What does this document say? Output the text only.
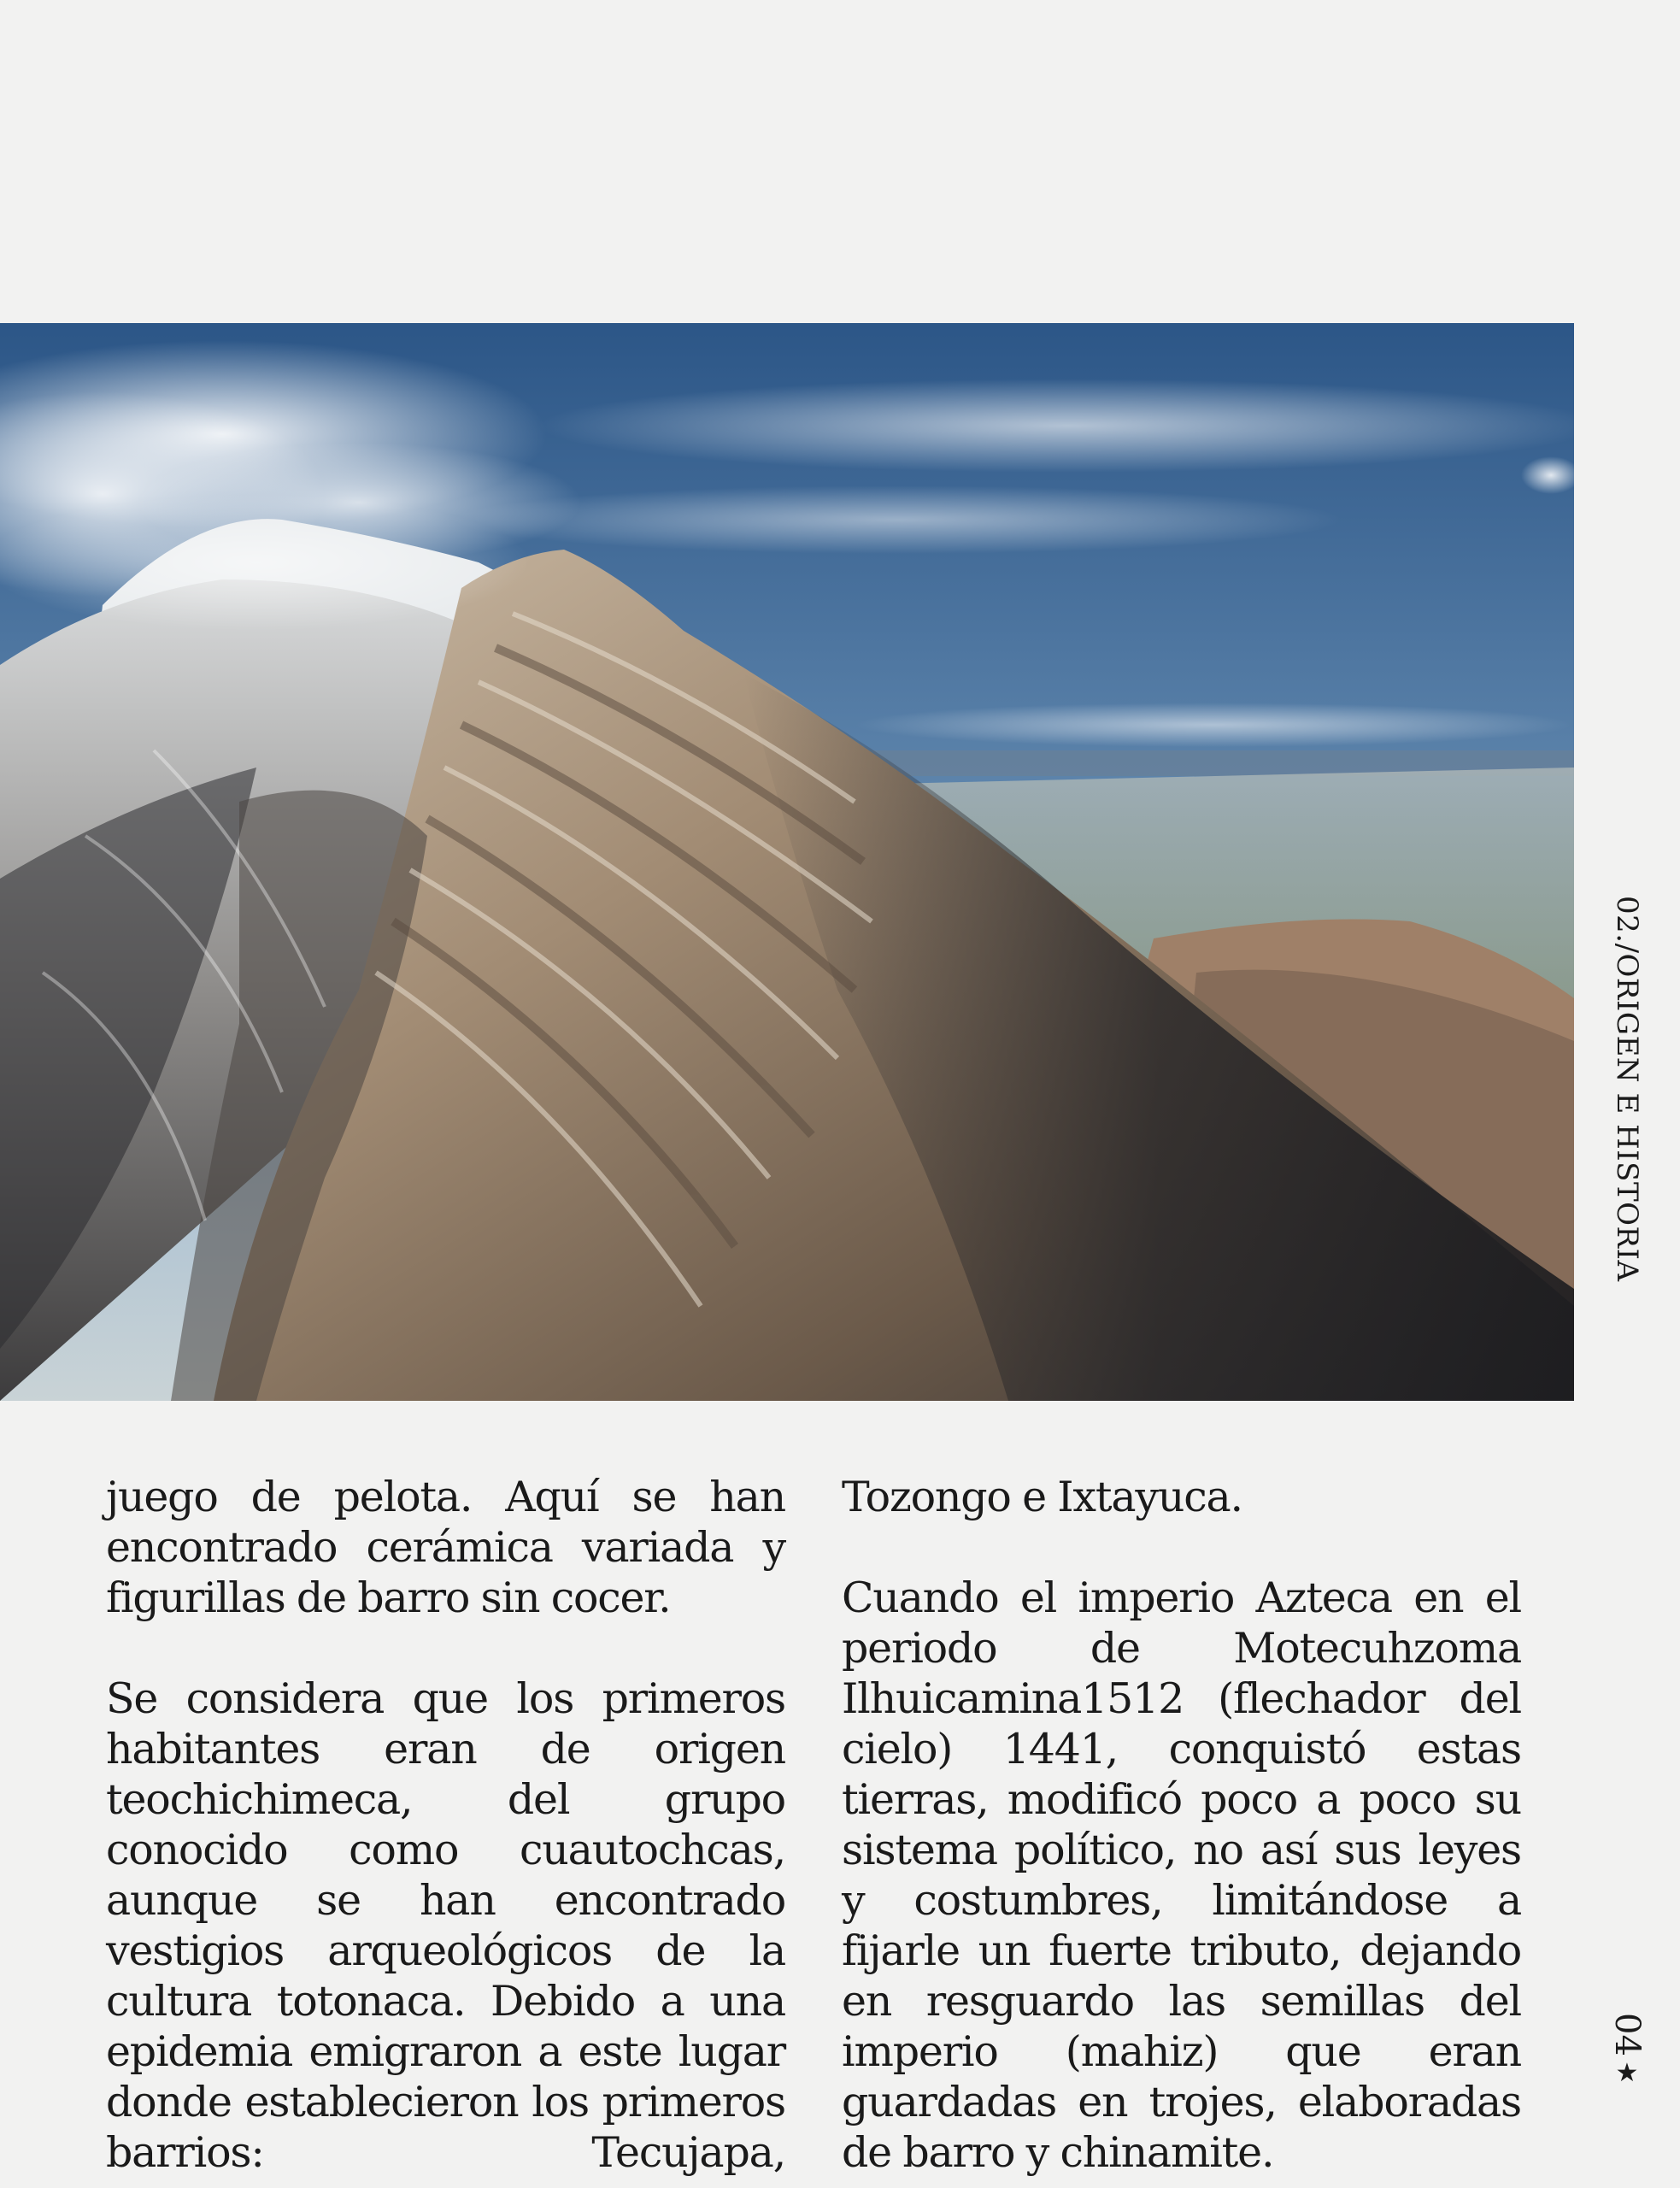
juego de pelota. Aquí se han encontrado cerámica variada y figurillas de barro sin cocer.

Se considera que los primeros habitantes eran de origen teochichimeca, del grupo conocido como cuautochcas, aunque se han encontrado vestigios arqueológicos de la cultura totonaca. Debido a una epidemia emigraron a este lugar donde establecieron los primeros barrios: Tecujapa,

Tozongo e Ixtayuca.

Cuando el imperio Azteca en el periodo de Motecuhzoma Ilhuicamina1512 (flechador del cielo) 1441, conquistó estas tierras, modificó poco a poco su sistema político, no así sus leyes y costumbres, limitándose a fijarle un fuerte tributo, dejando en resguardo las semillas del imperio (mahiz) que eran guardadas en trojes, elaboradas de barro y chinamite.

02./ORIGEN E HISTORIA
04
★
